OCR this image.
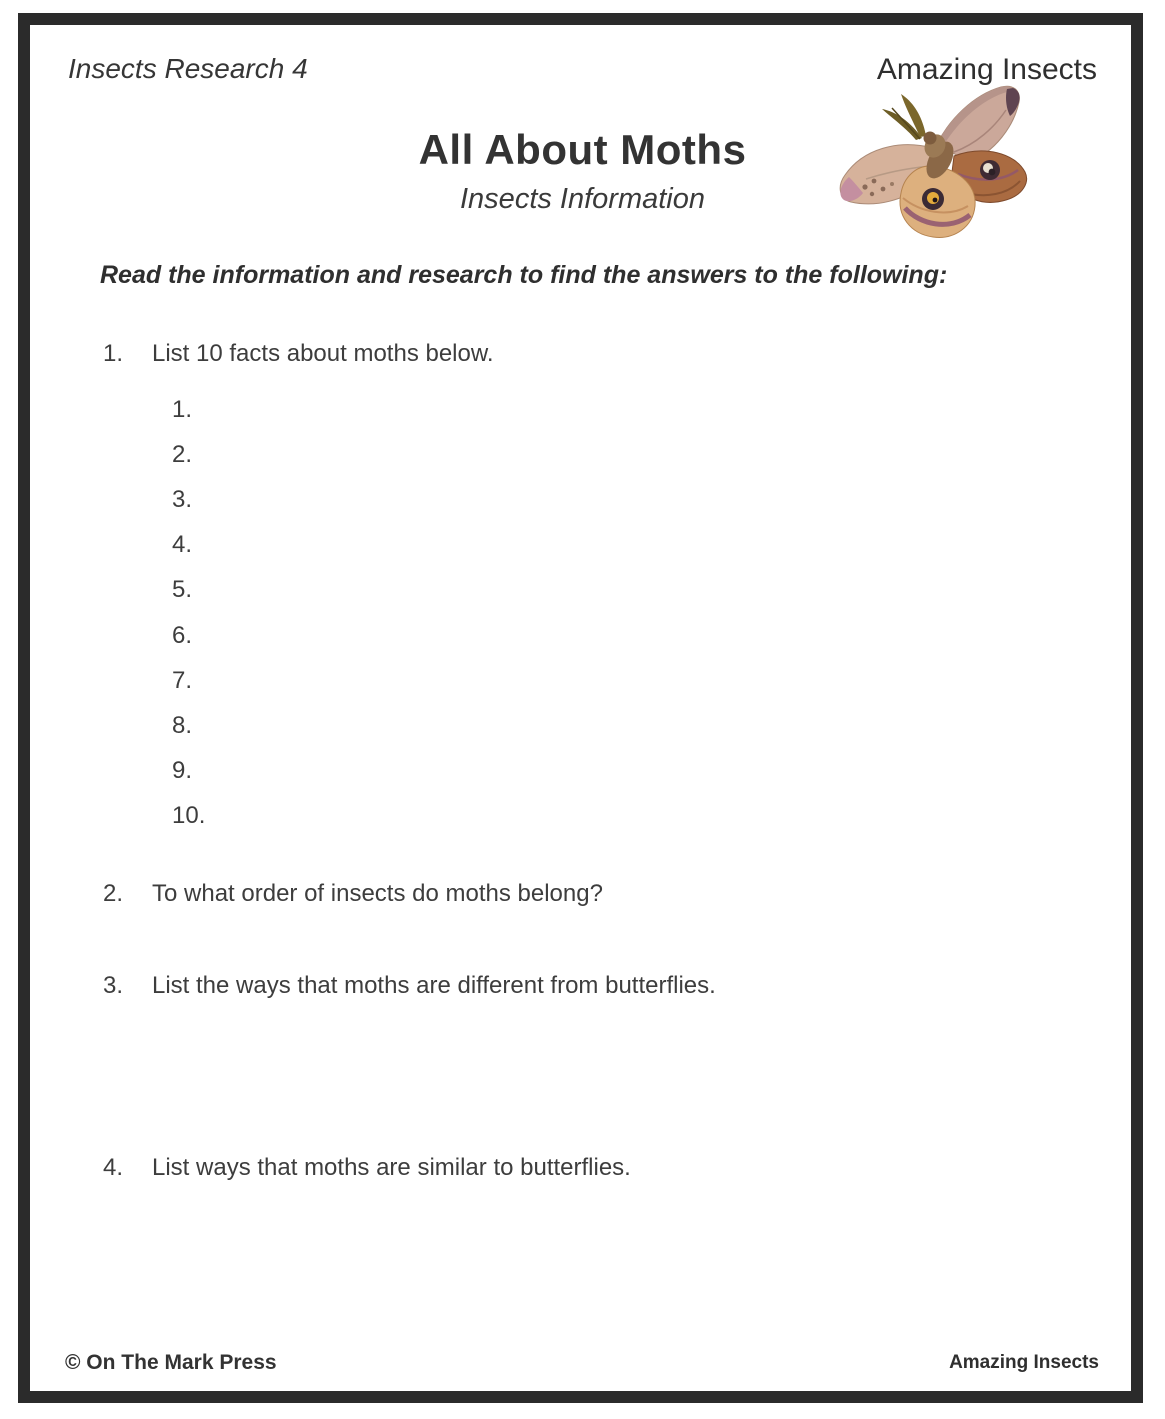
Insects Research 4	Amazing Insects
All About Moths
Insects Information
Read the information and research to find the answers to the following:
1.	List 10 facts about moths below.
1.
2.
3.
4.
5.
6.
7.
8.
9.
10.
2.	To what order of insects do moths belong?
3.	List the ways that moths are different from butterflies.
4.	List ways that moths are similar to butterflies.
© On The Mark Press	Amazing Insects
